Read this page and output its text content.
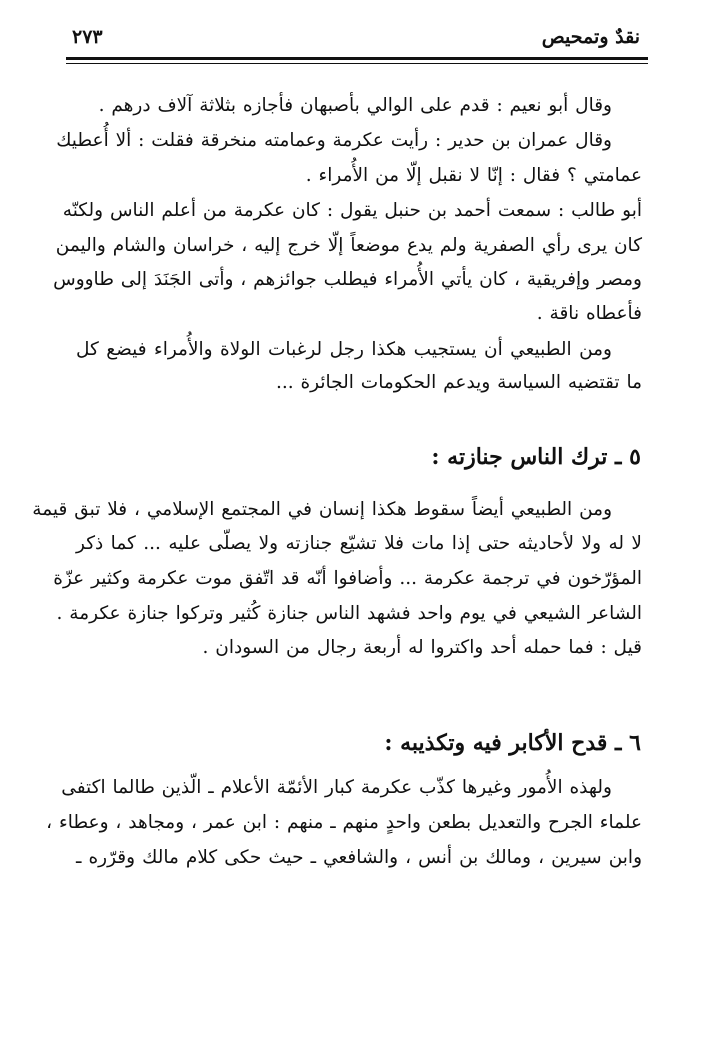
نقدٌ وتمحيص
٢٧٣
وقال أبو نعيم : قدم على الوالي بأصبهان فأجازه بثلاثة آلاف درهم .
وقال عمران بن حدير : رأيت عكرمة وعمامته منخرقة فقلت : ألا أُعطيك
عمامتي ؟ فقال : إنّا لا نقبل إلّا من الأُمراء .
أبو طالب : سمعت أحمد بن حنبل يقول : كان عكرمة من أعلم الناس ولكنّه
كان يرى رأي الصفرية ولم يدع موضعاً إلّا خرج إليه ، خراسان والشام واليمن
ومصر وإفريقية ، كان يأتي الأُمراء فيطلب جوائزهم ، وأتى الجَنَدَ إلى طاووس
فأعطاه ناقة .
ومن الطبيعي أن يستجيب هكذا رجل لرغبات الولاة والأُمراء فيضع كل
ما تقتضيه السياسة ويدعم الحكومات الجائرة ...
٥ ـ ترك الناس جنازته :
ومن الطبيعي أيضاً سقوط هكذا إنسان في المجتمع الإسلامي ، فلا تبق قيمة
لا له ولا لأحاديثه حتى إذا مات فلا تشيّع جنازته ولا يصلّى عليه ... كما ذكر
المؤرّخون في ترجمة عكرمة ... وأضافوا أنّه قد اتّفق موت عكرمة وكثير عزّة
الشاعر الشيعي في يوم واحد فشهد الناس جنازة كُثير وتركوا جنازة عكرمة .
قيل : فما حمله أحد واكتروا له أربعة رجال من السودان .
٦ ـ قدح الأكابر فيه وتكذيبه :
ولهذه الأُمور وغيرها كذّب عكرمة كبار الأئمّة الأعلام ـ الّذين طالما اكتفى
علماء الجرح والتعديل بطعن واحدٍ منهم ـ منهم : ابن عمر ، ومجاهد ، وعطاء ،
وابن سيرين ، ومالك بن أنس ، والشافعي ـ حيث حكى كلام مالك وقرّره ـ
